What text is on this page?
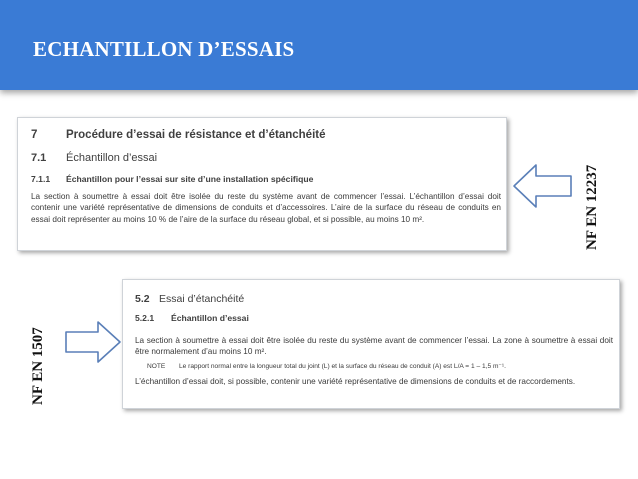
ECHANTILLON D’ESSAIS
7 Procédure d’essai de résistance et d’étanchéité
7.1 Échantillon d’essai
7.1.1 Échantillon pour l’essai sur site d’une installation spécifique
La section à soumettre à essai doit être isolée du reste du système avant de commencer l’essai. L’échantillon d’essai doit contenir une variété représentative de dimensions de conduits et d’accessoires. L’aire de la surface du réseau de conduits en essai doit représenter au moins 10 % de l’aire de la surface du réseau global, et si possible, au moins 10 m².	NF EN 12237
5.2 Essai d’étanchéité
5.2.1 Échantillon d’essai
La section à soumettre à essai doit être isolée du reste du système avant de commencer l’essai. La zone à soumettre à essai doit être normalement d’au moins 10 m².
NOTE Le rapport normal entre la longueur total du joint (L) et la surface du réseau de conduit (A) est L/A = 1 – 1,5 m⁻¹.
L’échantillon d’essai doit, si possible, contenir une variété représentative de dimensions de conduits et de raccordements.
NF EN 1507
